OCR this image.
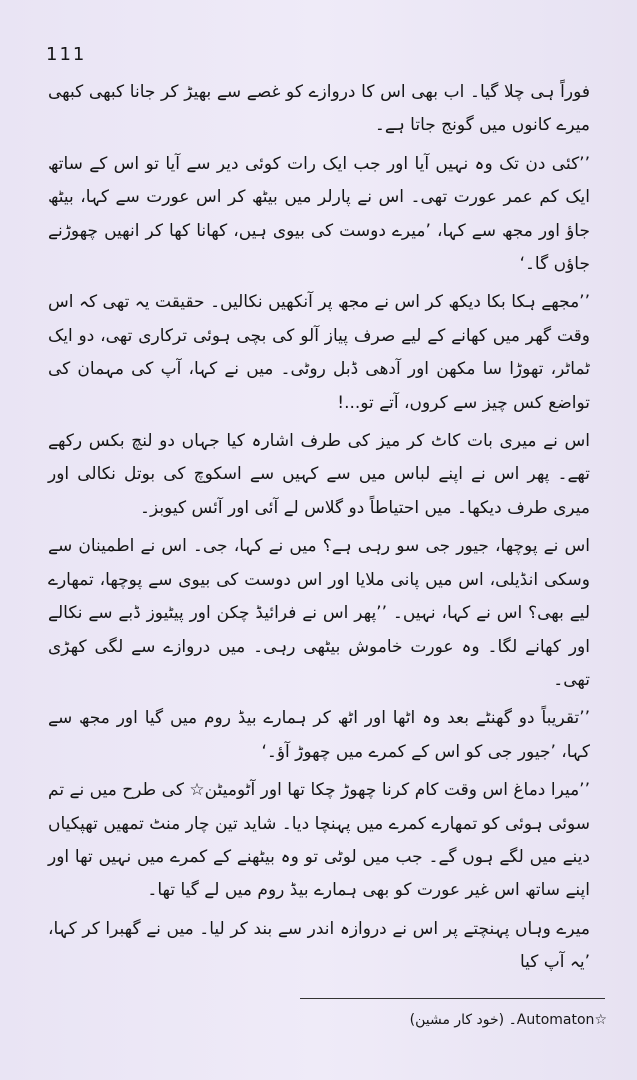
111

فوراً ہی چلا گیا۔ اب بھی اس کا دروازے کو غصے سے بھیڑ کر جانا کبھی کبھی میرے کانوں میں گونج جاتا ہے۔

’’کئی دن تک وہ نہیں آیا اور جب ایک رات کوئی دیر سے آیا تو اس کے ساتھ ایک کم عمر عورت تھی۔ اس نے پارلر میں بیٹھ کر اس عورت سے کہا، بیٹھ جاؤ اور مجھ سے کہا، ’میرے دوست کی بیوی ہیں، کھانا کھا کر انھیں چھوڑنے جاؤں گا۔‘

’’مجھے ہکا بکا دیکھ کر اس نے مجھ پر آنکھیں نکالیں۔ حقیقت یہ تھی کہ اس وقت گھر میں کھانے کے لیے صرف پیاز آلو کی بچی ہوئی ترکاری تھی، دو ایک ٹماٹر، تھوڑا سا مکھن اور آدھی ڈبل روٹی۔ میں نے کہا، آپ کی مہمان کی تواضع کس چیز سے کروں، آتے تو...!

اس نے میری بات کاٹ کر میز کی طرف اشارہ کیا جہاں دو لنچ بکس رکھے تھے۔ پھر اس نے اپنے لباس میں سے کہیں سے اسکوچ کی بوتل نکالی اور میری طرف دیکھا۔ میں احتیاطاً دو گلاس لے آئی اور آئس کیوبز۔

اس نے پوچھا، جیور جی سو رہی ہے؟ میں نے کہا، جی۔ اس نے اطمینان سے وسکی انڈیلی، اس میں پانی ملایا اور اس دوست کی بیوی سے پوچھا، تمھارے لیے بھی؟ اس نے کہا، نہیں۔ ’’پھر اس نے فرائیڈ چکن اور پیٹیوز ڈبے سے نکالے اور کھانے لگا۔ وہ عورت خاموش بیٹھی رہی۔ میں دروازے سے لگی کھڑی تھی۔

’’تقریباً دو گھنٹے بعد وہ اٹھا اور اٹھ کر ہمارے بیڈ روم میں گیا اور مجھ سے کہا، ’جیور جی کو اس کے کمرے میں چھوڑ آؤ۔‘

’’میرا دماغ اس وقت کام کرنا چھوڑ چکا تھا اور آٹومیٹن☆ کی طرح میں نے تم سوئی ہوئی کو تمھارے کمرے میں پہنچا دیا۔ شاید تین چار منٹ تمھیں تھپکیاں دینے میں لگے ہوں گے۔ جب میں لوٹی تو وہ بیٹھنے کے کمرے میں نہیں تھا اور اپنے ساتھ اس غیر عورت کو بھی ہمارے بیڈ روم میں لے گیا تھا۔

میرے وہاں پہنچتے پر اس نے دروازہ اندر سے بند کر لیا۔ میں نے گھبرا کر کہا، ’یہ آپ کیا

☆Automaton۔ (خود کار مشین)
